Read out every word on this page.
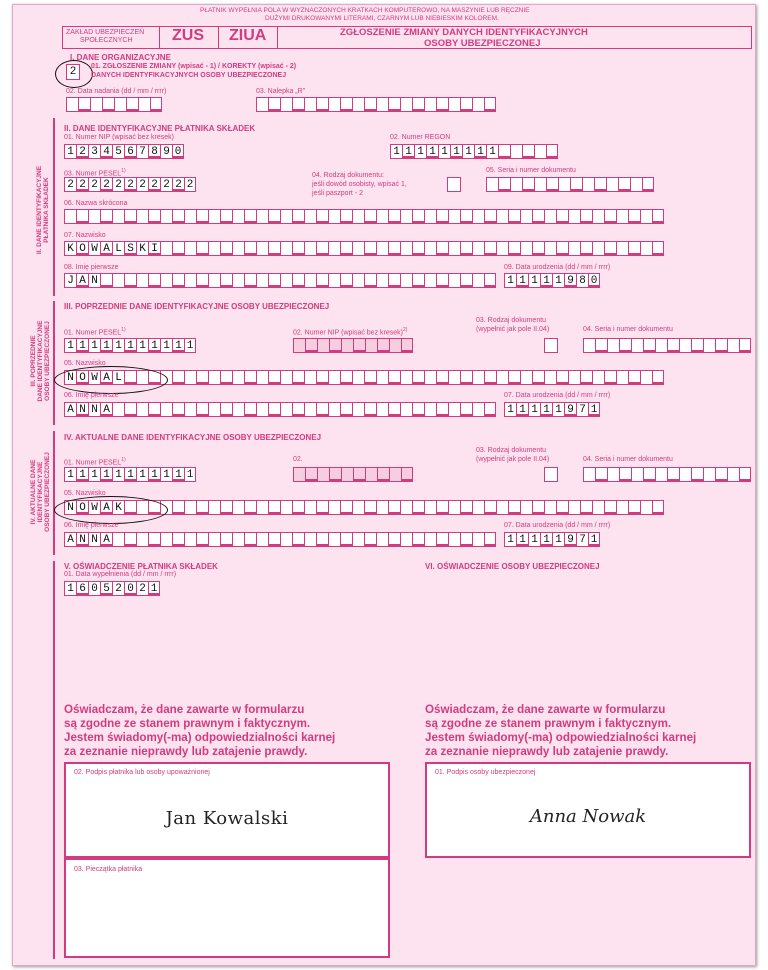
PŁATNIK WYPEŁNIA POLA W WYZNACZONYCH KRATKACH KOMPUTEROWO, NA MASZYNIE LUB RĘCZNIE
DUŻYMI DRUKOWANYMI LITERAMI, CZARNYM LUB NIEBIESKIM KOLOREM.
ZAKŁAD UBEZPIECZEŃ
SPOŁECZNYCH ZUS ZIUA	ZGŁOSZENIE ZMIANY DANYCH IDENTYFIKACYJNYCH
OSOBY UBEZPIECZONEJ
I. DANE ORGANIZACYJNE
2	01. ZGŁOSZENIE ZMIANY (wpisać - 1) / KOREKTY (wpisać - 2)
DANYCH IDENTYFIKACYJNYCH OSOBY UBEZPIECZONEJ
02. Data nadania (dd / mm / rrrr)	03. Nalepka „R”
II. DANE IDENTYFIKACYJNE PŁATNIKA SKŁADEK
II. DANE IDENTYFIKACYJNE PŁATNIKA SKŁADEK
01. Numer NIP (wpisać bez kresek)
1 2 3 4 5 6 7 8 9 0
02. Numer REGON
1 1 1 1 1 1 1 1 1
03. Numer PESEL$^{1)}$
2 2 2 2 2 2 2 2 2 2 2
04. Rodzaj dokumentu:
jeśli dowód osobisty, wpisać 1,
jeśli paszport - 2
05. Seria i numer dokumentu
06. Nazwa skrócona
07. Nazwisko
K O W A L S K I
08. Imię pierwsze
J A N
09. Data urodzenia (dd / mm / rrrr)
1 1 1 1 1 9 8 0
III. POPRZEDNIE DANE IDENTYFIKACYJNE OSOBY UBEZPIECZONEJ
III. POPRZEDNIE DANE IDENTYFIKACYJNE OSOBY UBEZPIECZONEJ
03. Rodzaj dokumentu
(wypełnić jak pole II.04)
01. Numer PESEL$^{1)}$	02. Numer NIP (wpisać bez kresek)$^{2)}$	04. Seria i numer dokumentu
1 1 1 1 1 1 1 1 1 1 1
05. Nazwisko
N O W A L
06. Imię pierwsze
A N N A
07. Data urodzenia (dd / mm / rrrr)
1 1 1 1 1 9 7 1
IV. AKTUALNE DANE IDENTYFIKACYJNE OSOBY UBEZPIECZONEJ
IV. AKTUALNE DANE IDENTYFIKACYJNE OSOBY UBEZPIECZONEJ
03. Rodzaj dokumentu
(wypełnić jak pole II.04)
01. Numer PESEL$^{1)}$	02.	04. Seria i numer dokumentu
1 1 1 1 1 1 1 1 1 1 1
05. Nazwisko
N O W A K
06. Imię pierwsze
A N N A
07. Data urodzenia (dd / mm / rrrr)
1 1 1 1 1 9 7 1
V. OŚWIADCZENIE PŁATNIKA SKŁADEK
01. Data wypełnienia (dd / mm / rrrr)
1 6 0 5 2 0 2 1
VI. OŚWIADCZENIE OSOBY UBEZPIECZONEJ
Oświadczam, że dane zawarte w formularzu
są zgodne ze stanem prawnym i faktycznym.
Jestem świadomy(-ma) odpowiedzialności karnej
za zeznanie nieprawdy lub zatajenie prawdy.
Oświadczam, że dane zawarte w formularzu
są zgodne ze stanem prawnym i faktycznym.
Jestem świadomy(-ma) odpowiedzialności karnej
za zeznanie nieprawdy lub zatajenie prawdy.
02. Podpis płatnika lub osoby upoważnionej
Jan Kowalski
03. Pieczątka płatnika
01. Podpis osoby ubezpieczonej
Anna Nowak
